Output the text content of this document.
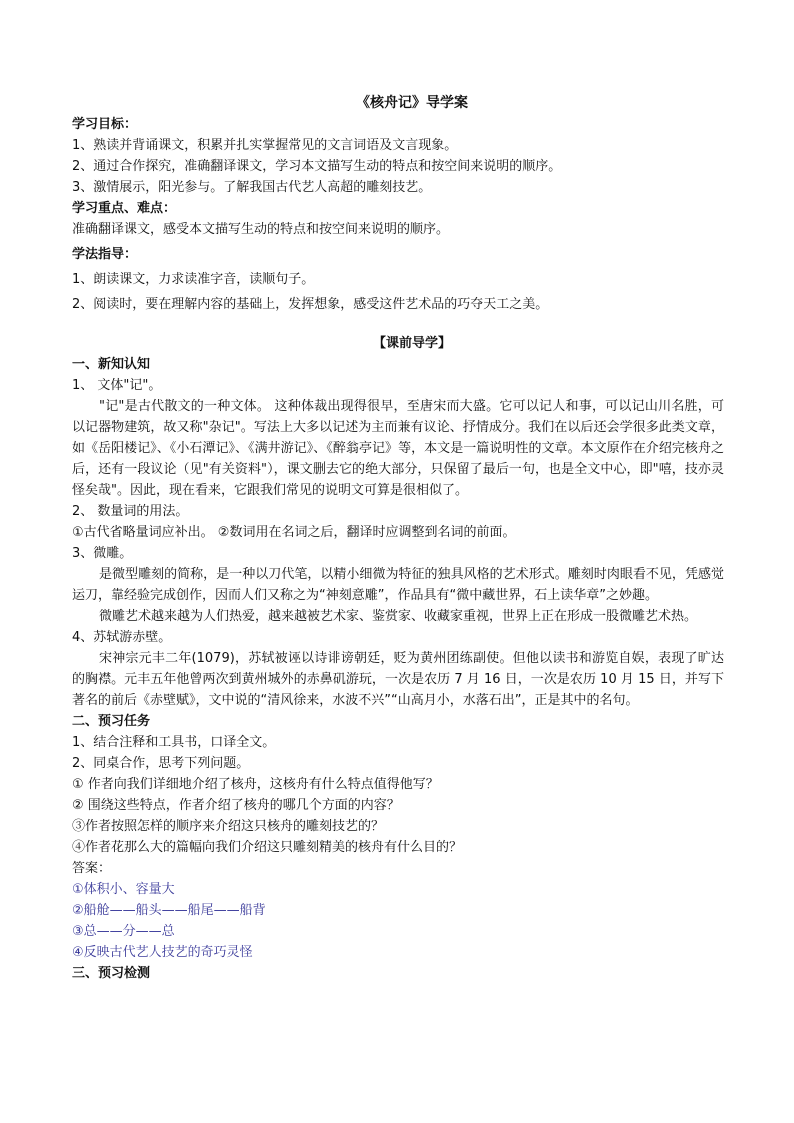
《核舟记》导学案
学习目标：
1、熟读并背诵课文，积累并扎实掌握常见的文言词语及文言现象。
2、通过合作探究，准确翻译课文，学习本文描写生动的特点和按空间来说明的顺序。
3、激情展示，阳光参与。了解我国古代艺人高超的雕刻技艺。
学习重点、难点：
准确翻译课文，感受本文描写生动的特点和按空间来说明的顺序。
学法指导：
1、朗读课文，力求读准字音，读顺句子。
2、阅读时，要在理解内容的基础上，发挥想象，感受这件艺术品的巧夺天工之美。
【课前导学】
一、新知认知
1、 文体"记"。

"记"是古代散文的一种文体。 这种体裁出现得很早，至唐宋而大盛。它可以记人和事，可以记山川名胜，可以记器物建筑，故又称"杂记"。写法上大多以记述为主而兼有议论、抒情成分。我们在以后还会学很多此类文章，如《岳阳楼记》、《小石潭记》、《满井游记》、《醉翁亭记》等，本文是一篇说明性的文章。本文原作在介绍完核舟之后，还有一段议论（见"有关资料"），课文删去它的绝大部分，只保留了最后一句，也是全文中心，即"嘻，技亦灵怪矣哉"。因此，现在看来，它跟我们常见的说明文可算是很相似了。

2、 数量词的用法。
①古代省略量词应补出。 ②数词用在名词之后，翻译时应调整到名词的前面。
3、微雕。

是微型雕刻的简称，是一种以刀代笔，以精小细微为特征的独具风格的艺术形式。雕刻时肉眼看不见，凭感觉运刀，靠经验完成创作，因而人们又称之为“神刻意雕”，作品具有“微中藏世界，石上读华章”之妙趣。

微雕艺术越来越为人们热爱，越来越被艺术家、鉴赏家、收藏家重视，世界上正在形成一股微雕艺术热。

4、苏轼游赤壁。

宋神宗元丰二年(1079)，苏轼被诬以诗诽谤朝廷，贬为黄州团练副使。但他以读书和游览自娱，表现了旷达的胸襟。元丰五年他曾两次到黄州城外的赤鼻矶游玩，一次是农历 7 月 16 日，一次是农历 10 月 15 日，并写下著名的前后《赤壁赋》，文中说的“清风徐来，水波不兴”“山高月小，水落石出”，正是其中的名句。

二、预习任务
1、结合注释和工具书，口译全文。
2、同桌合作，思考下列问题。
① 作者向我们详细地介绍了核舟，这核舟有什么特点值得他写？
② 围绕这些特点，作者介绍了核舟的哪几个方面的内容？
③作者按照怎样的顺序来介绍这只核舟的雕刻技艺的？
④作者花那么大的篇幅向我们介绍这只雕刻精美的核舟有什么目的？
答案：
①体积小、容量大
②船舱——船头——船尾——船背
③总——分——总
④反映古代艺人技艺的奇巧灵怪
三、预习检测
